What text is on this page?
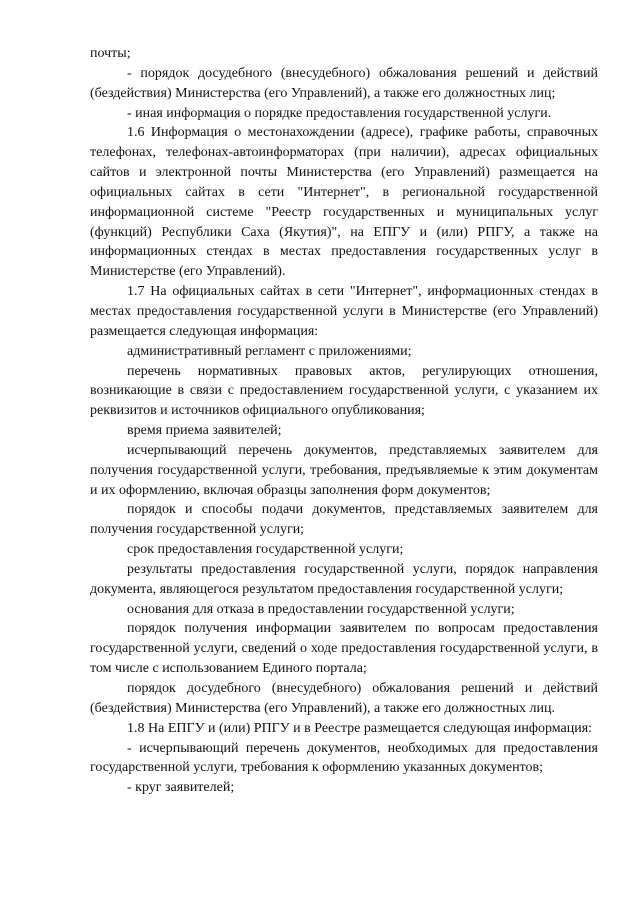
почты;

- порядок досудебного (внесудебного) обжалования решений и действий (бездействия) Министерства (его Управлений), а также его должностных лиц;

- иная информация о порядке предоставления государственной услуги.

1.6 Информация о местонахождении (адресе), графике работы, справочных телефонах, телефонах-автоинформаторах (при наличии), адресах официальных сайтов и электронной почты Министерства (его Управлений) размещается на официальных сайтах в сети "Интернет", в региональной государственной информационной системе "Реестр государственных и муниципальных услуг (функций) Республики Саха (Якутия)", на ЕПГУ и (или) РПГУ, а также на информационных стендах в местах предоставления государственных услуг в Министерстве (его Управлений).

1.7 На официальных сайтах в сети "Интернет", информационных стендах в местах предоставления государственной услуги в Министерстве (его Управлений) размещается следующая информация:

административный регламент с приложениями;

перечень нормативных правовых актов, регулирующих отношения, возникающие в связи с предоставлением государственной услуги, с указанием их реквизитов и источников официального опубликования;

время приема заявителей;

исчерпывающий перечень документов, представляемых заявителем для получения государственной услуги, требования, предъявляемые к этим документам и их оформлению, включая образцы заполнения форм документов;

порядок и способы подачи документов, представляемых заявителем для получения государственной услуги;

срок предоставления государственной услуги;

результаты предоставления государственной услуги, порядок направления документа, являющегося результатом предоставления государственной услуги;

основания для отказа в предоставлении государственной услуги;

порядок получения информации заявителем по вопросам предоставления государственной услуги, сведений о ходе предоставления государственной услуги, в том числе с использованием Единого портала;

порядок досудебного (внесудебного) обжалования решений и действий (бездействия) Министерства (его Управлений), а также его должностных лиц.

1.8 На ЕПГУ и (или) РПГУ и в Реестре размещается следующая информация:

- исчерпывающий перечень документов, необходимых для предоставления государственной услуги, требования к оформлению указанных документов;

- круг заявителей;
